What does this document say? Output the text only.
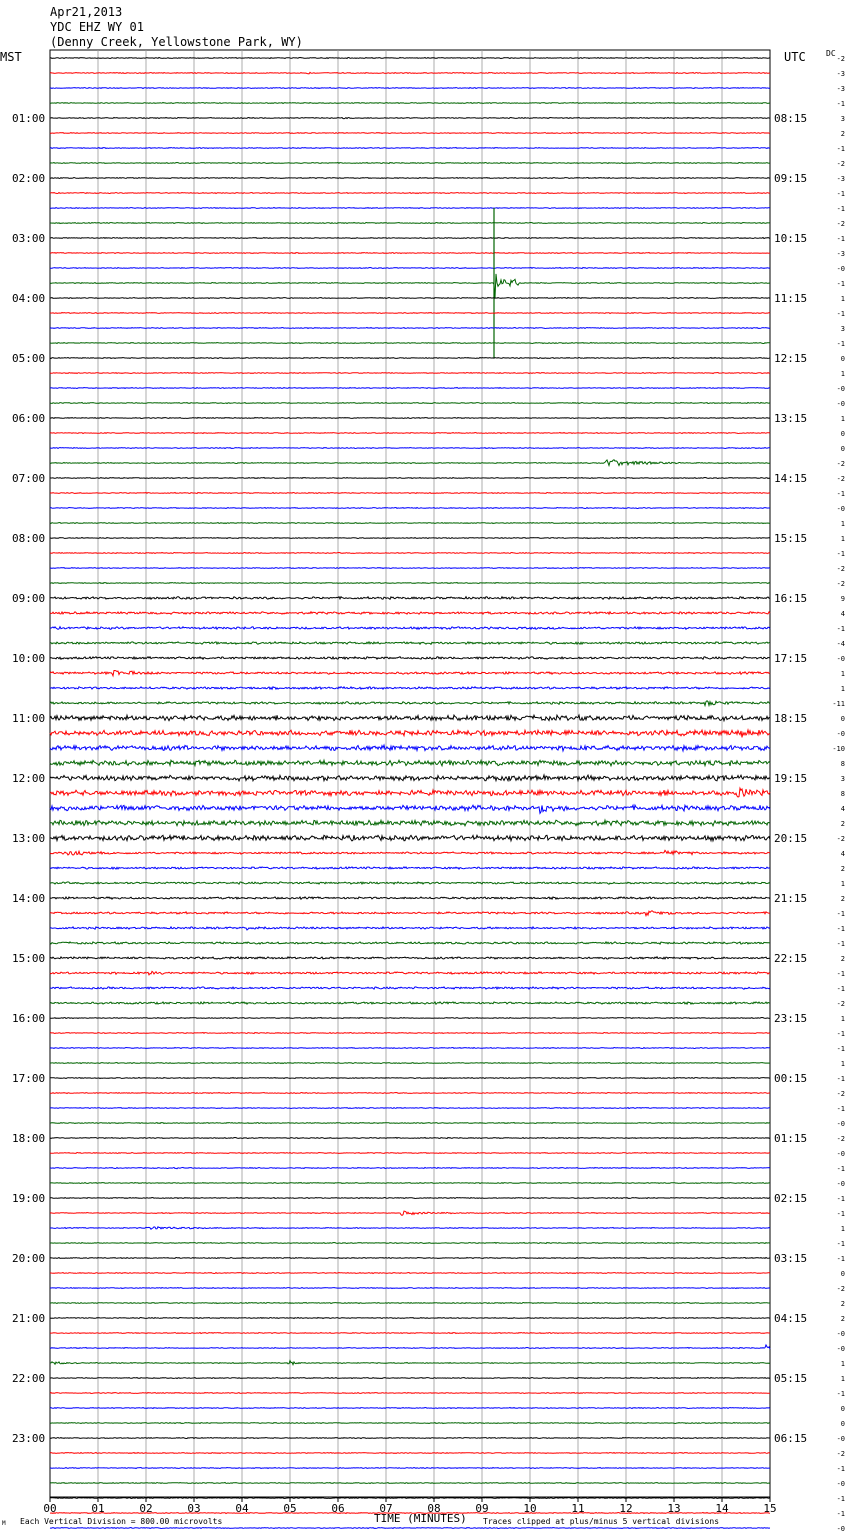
Apr21,2013
YDC EHZ WY 01
(Denny Creek, Yellowstone Park, WY)
MST	UTC	DC
01:00
02:00
03:00
04:00
05:00
06:00
07:00
08:00
09:00
10:00
11:00
12:00
13:00
14:00
15:00
16:00
17:00
18:00
19:00
20:00
21:00
22:00
23:00
08:15
09:15
10:15
11:15
12:15
13:15
14:15
15:15
16:15
17:15
18:15
19:15
20:15
21:15
22:15
23:15
00:15
01:15
02:15
03:15
04:15
05:15
06:15
-2
-3
-3
-1
3
2
-1
-2
-3
-1
-1
-2
-1
-3
-0
-1
1
-1
3
-1
0
1
-0
-0
1
0
0
-2
-2
-1
-0
1
1
-1
-2
-2
9
4
-1
-4
-0
1
1
-11
0
-0
-10
8
3
8
4
2
-2
4
2
1
2
-1
-1
-1
2
-1
-1
-2
1
-1
-1
1
-1
-2
-1
-0
-2
-0
-1
-0
-1
-1
1
-1
-1
0
-2
2
2
-0
-0
1
1
-1
0
0
-0
-2
-1
-0
-1
-1
-0
00	01	02	03	04	05	06	07	08	09	10	11	12	13	14	15
TIME (MINUTES)
Each Vertical Division = 800.00 microvolts	Traces clipped at plus/minus 5 vertical divisions
M
